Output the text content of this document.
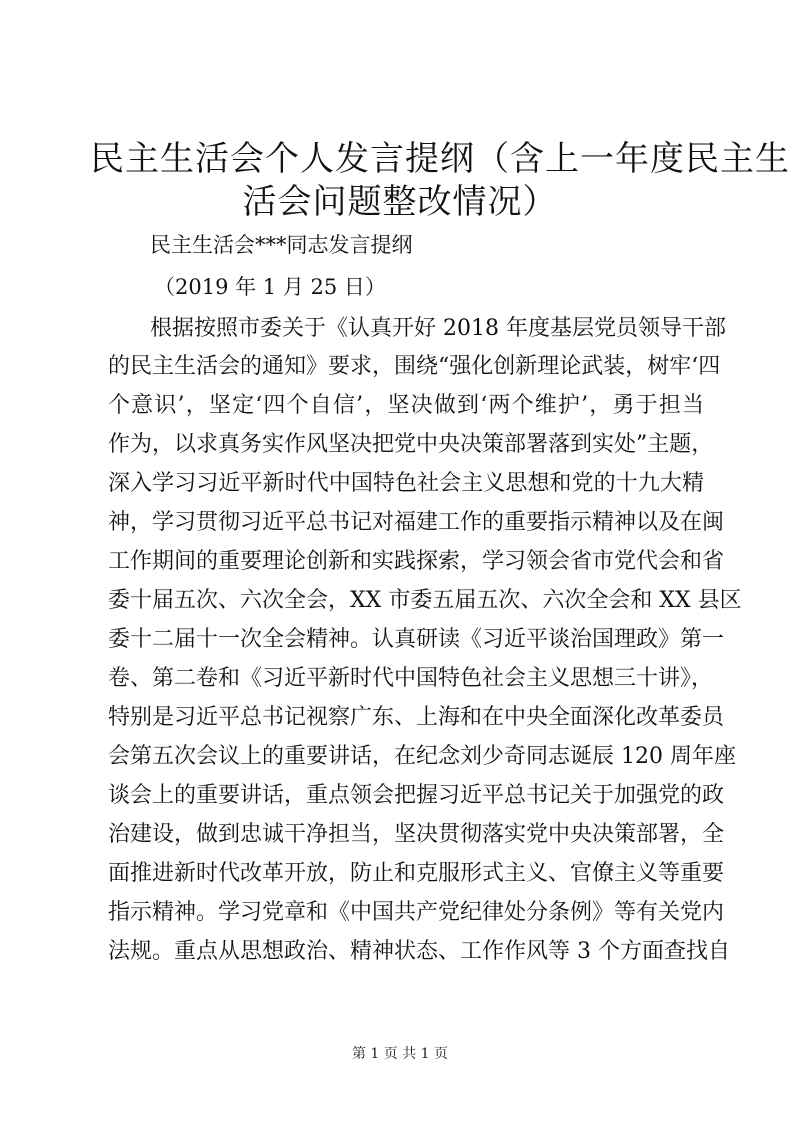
民主生活会个人发言提纲（含上一年度民主生
活会问题整改情况）
民主生活会***同志发言提纲
（2019 年 1 月 25 日）
根据按照市委关于《认真开好 2018 年度基层党员领导干部
的民主生活会的通知》要求，围绕“强化创新理论武装，树牢‘四
个意识’，坚定‘四个自信’，坚决做到‘两个维护’，勇于担当
作为，以求真务实作风坚决把党中央决策部署落到实处”主题，
深入学习习近平新时代中国特色社会主义思想和党的十九大精
神，学习贯彻习近平总书记对福建工作的重要指示精神以及在闽
工作期间的重要理论创新和实践探索，学习领会省市党代会和省
委十届五次、六次全会，XX 市委五届五次、六次全会和 XX 县区
委十二届十一次全会精神。认真研读《习近平谈治国理政》第一
卷、第二卷和《习近平新时代中国特色社会主义思想三十讲》，
特别是习近平总书记视察广东、上海和在中央全面深化改革委员
会第五次会议上的重要讲话，在纪念刘少奇同志诞辰 120 周年座
谈会上的重要讲话，重点领会把握习近平总书记关于加强党的政
治建设，做到忠诚干净担当，坚决贯彻落实党中央决策部署，全
面推进新时代改革开放，防止和克服形式主义、官僚主义等重要
指示精神。学习党章和《中国共产党纪律处分条例》等有关党内
法规。重点从思想政治、精神状态、工作作风等 3 个方面查找自
第 1 页 共 1 页
